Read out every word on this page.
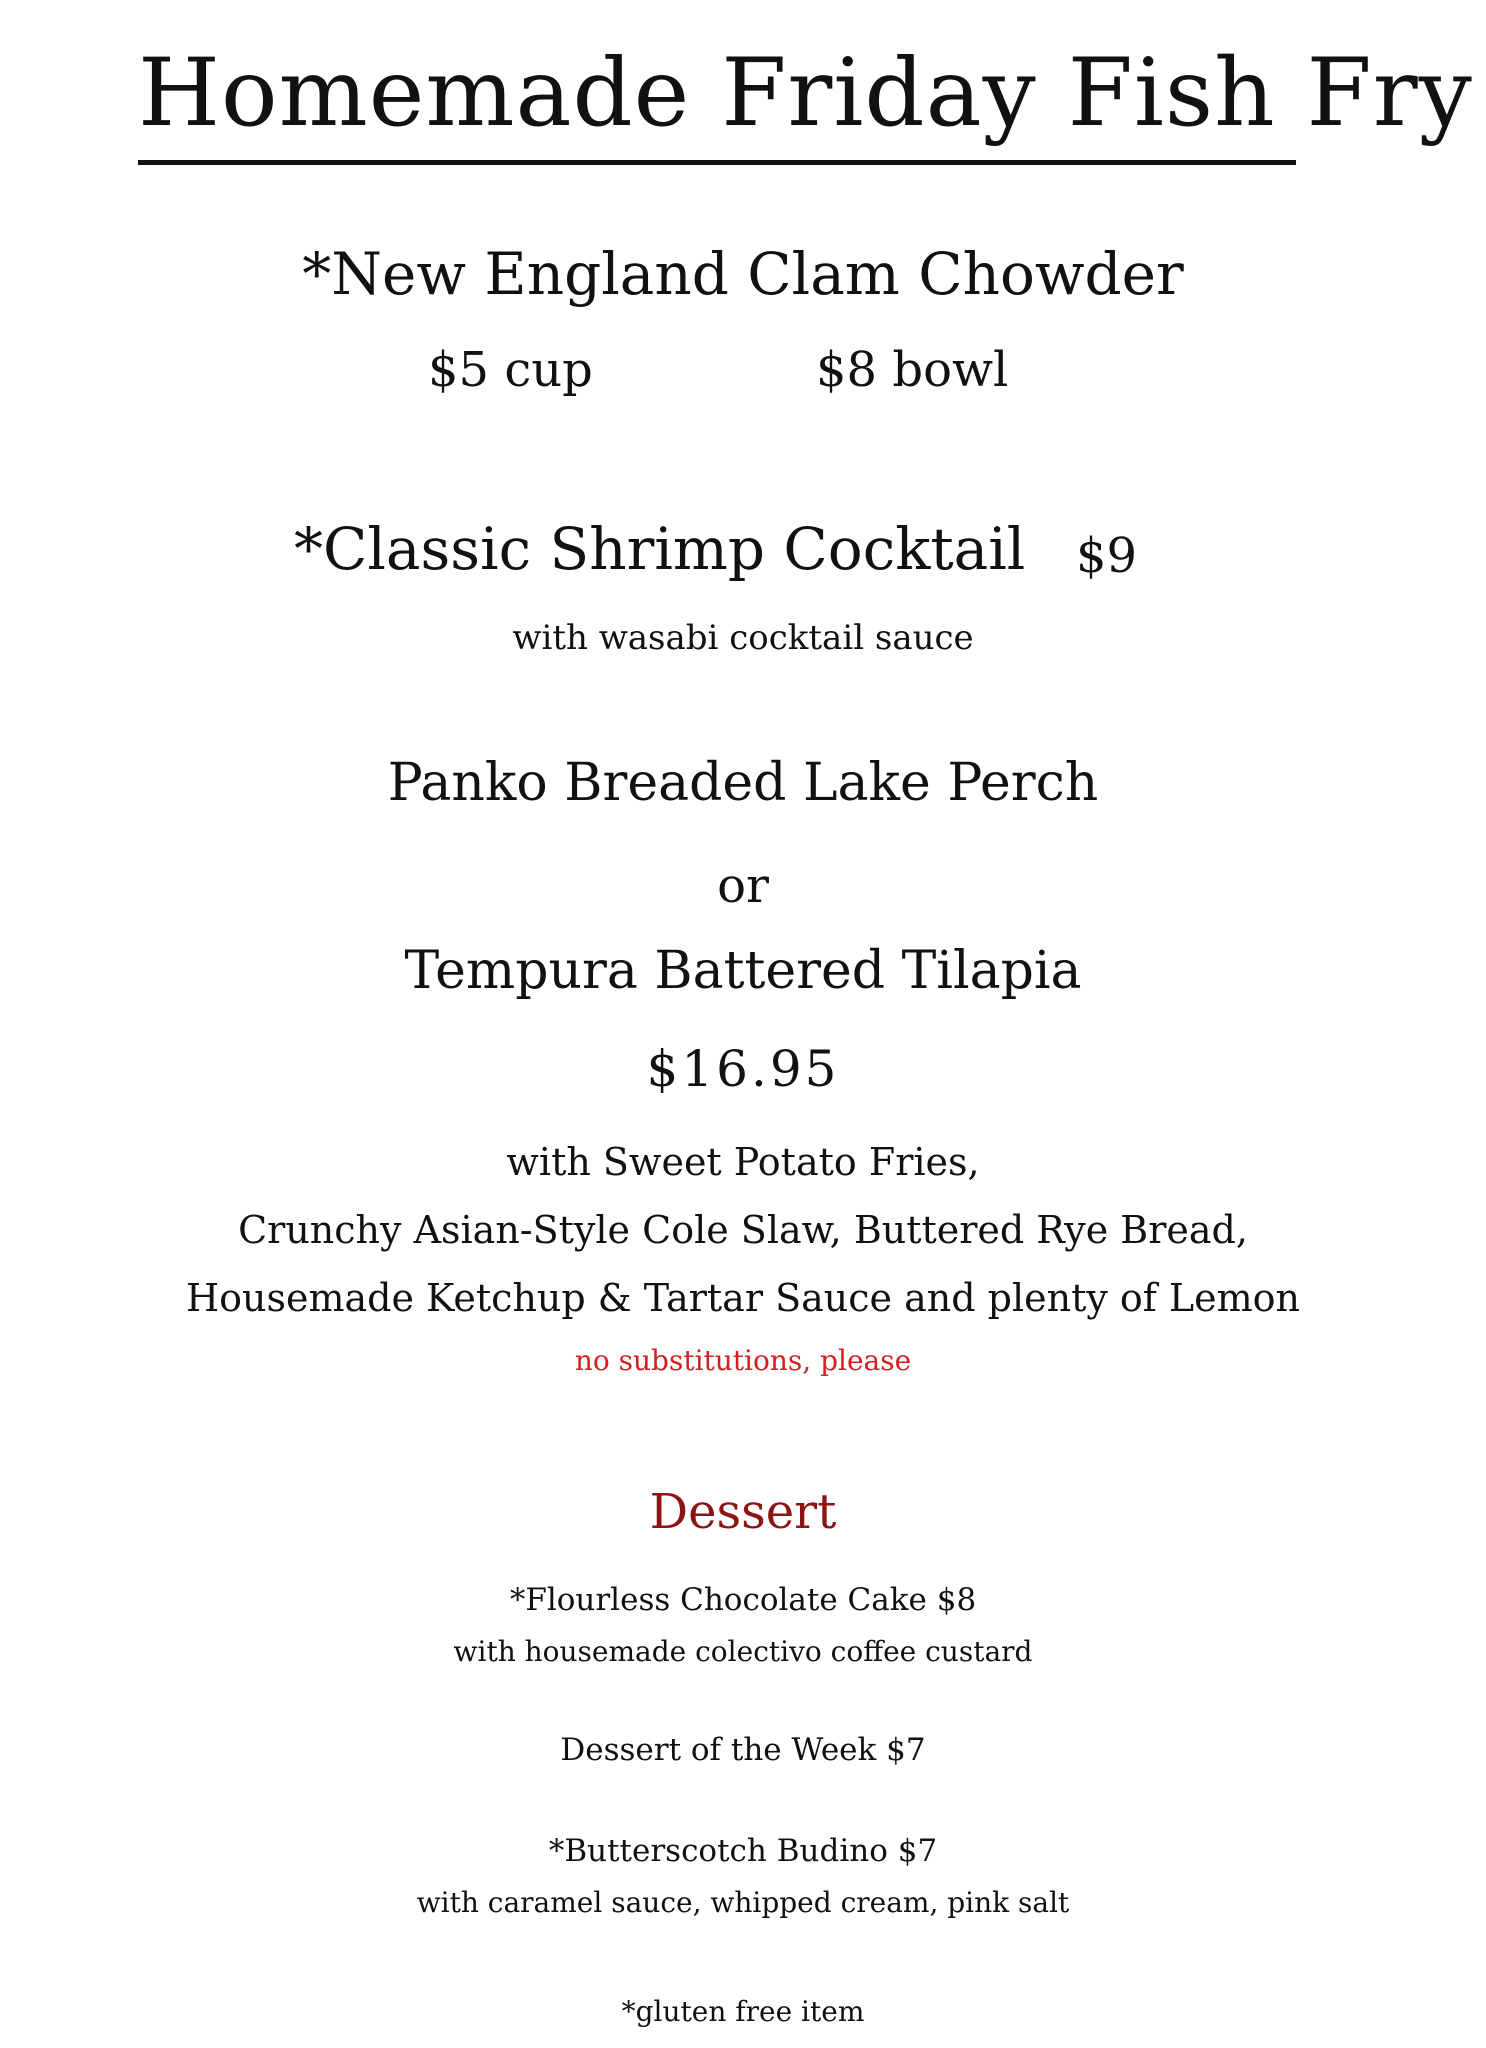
Homemade Friday Fish Fry
*New England Clam Chowder
$5 cup	$8 bowl
*Classic Shrimp Cocktail $9
with wasabi cocktail sauce
Panko Breaded Lake Perch
or
Tempura Battered Tilapia
$16.95
with Sweet Potato Fries,
Crunchy Asian-Style Cole Slaw, Buttered Rye Bread,
Housemade Ketchup & Tartar Sauce and plenty of Lemon
no substitutions, please
Dessert
*Flourless Chocolate Cake $8
with housemade colectivo coffee custard
Dessert of the Week $7
*Butterscotch Budino $7
with caramel sauce, whipped cream, pink salt
*gluten free item
